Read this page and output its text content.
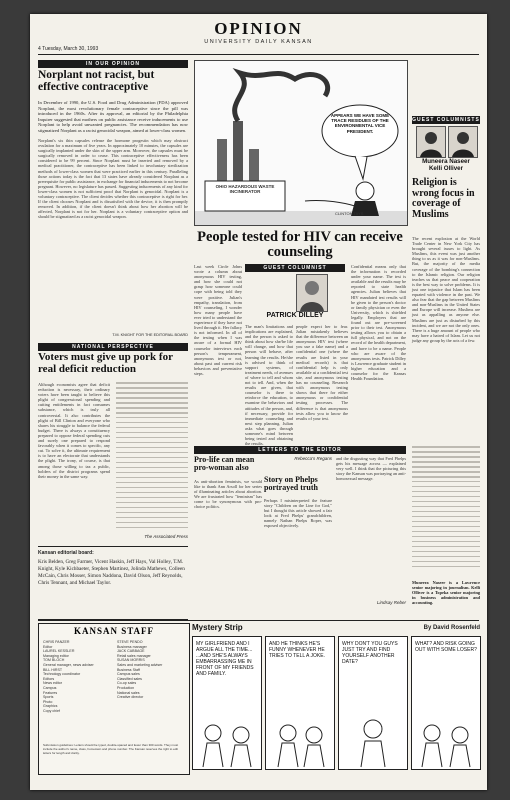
OPINION
UNIVERSITY DAILY KANSAN
4 Tuesday, March 30, 1993
IN OUR OPINION
Norplant not racist, but effective contraceptive
In December of 1990, the U.S. Food and Drug Administration (FDA) approved Norplant, the most revolutionary female contraceptive since the pill was introduced in the 1960s. After its approval, an editorial by the Philadelphia Inquirer suggested that mothers on public assistance receive inducements to use Norplant to help avoid unwanted pregnancies. The recommendation has now stigmatized Norplant as a racist genocidal weapon, aimed at lower-class women.
Norplant's six thin capsules release the hormone progestin which may obstruct ovulation for a maximum of five years. In approximately 10 minutes, the capsules are surgically implanted under the skin of the upper arm. Moreover, the capsules must be surgically removed in order to cease. This contraceptive effectiveness has been considered to be 99 percent. Since Norplant must be inserted and removed by a medical practitioner, the contraceptive has been linked to involuntary sterilization methods of lower-class women that were practiced earlier in this century. Paralleling those actions today is the fact that 13 states have already considered Norplant as a prerequisite for public assistance, in exchange for financial inducements to not become pregnant. However, no legislature has passed. Suggesting inducements of any kind for lower-class women is not sufficient proof that Norplant is genocidal. Norplant is a voluntary contraceptive. The client decides whether this contraceptive is right for her. If the client chooses Norplant and is dissatisfied with the device, it is then promptly removed. In addition, if the client doesn't think about how her abortion will be affected, Norplant is not for her. Norplant is a voluntary contraceptive option and should be stigmatized as a racist genocidal weapon.
T.M. KNIGHT FOR THE EDITORIAL BOARD
NATIONAL PERSPECTIVE
Voters must give up pork for real deficit reduction
Although economists agree that deficit reduction is necessary, their ordinary voters have been taught to believe this plight of congressional spending and cutting entitlements in fact consumes substance, which is truly all controversial. It also contributes the plight of Bill Clinton and everyone who shares his struggle to balance the federal budget. There is always a constituency prepared to oppose federal spending cuts and surely one prepared to respond favorably when it comes to specific, any cut. To solve it, the ultimate requirement is to have an electorate that understands the plight. The irony, of course, is that among those willing to tax a public, holders of the district programs spend their money in the same way.
The Associated Press
Kansan editorial board:
Kris Belden, Greg Farmer, Vicent Haskin, Jeff Hays, Val Holley, T.M. Knight, Kyle Kichbaeter, Stephen Martinez, Jolinda Mathews, Colleen McCain, Chris Mosser, Simon Naddona, David Olson, Jeff Reynolds, Chris Tennant, and Michael Taylor.
KANSAN STAFF
CHRIS PANZER
Editor
LAUREL KESSLER
Managing editor
TOM BLOCH
General manager, news adviser
BILL HIRST
Technology coordinator
Editors
News editor
Campus
Features
Sports
Photo
Graphics
Copy chief
STEVE PENDO
Business manager
JACK CABBAGE
Retail sales manager
SUSAN MORRIS
Sales and marketing adviser
Business Staff
Campus sales
Classified sales
Co-op sales
Production
National sales
Creative director
Submission guidelines: Letters should be typed, double-spaced and fewer than 300 words. They must include the author's name, class, hometown and phone number. The Kansan reserves the right to edit letters for length and clarity.
OHIO HAZARDOUS WASTE INCINERATOR
APPEARS WE HAVE SOME TRACE RESIDUES OF THE ENVIRONMENTAL VICE PRESIDENT.
CLINTON TAYS
People tested for HIV can receive counseling
Last week Circle Johns wrote a column about anonymous HIV testing, and how she could not grasp how someone could cope with being told they were positive. Julian's empathy, translation, from HIV counseling, I wonder how many people have ever tried to understand the experience if they have not lived through it. Her fallacy is not informed. In all of the testing when I was aware of a formal HIV counselor interviews each person's temperament, anonymous test or not, about past and current risk behaviors and preventative steps.
The man's limitations and implications are explained, and the person is asked to think about how she/he life will change, and how that person will behave, after learning the results. He/she is advised to think of support systems, of treatment needs, of avenues of where to tell and whom not to tell. And, when the results are given, that counselor is there to reinforce the education, to examine the behaviors and attitudes of the person, and, if necessary, provide for immediate counseling and next step planning. Julian asks what goes through someone's mind between being tested and obtaining the results.
GUEST COLUMNIST
PATRICK DILLEY
people expect her to fear. Julian mistakenly believes that the difference between an anonymous HIV test (where you use a fake name) and a confidential one (where the results are listed in your medical records) is that confidential help is only available at a confidential test site, and anonymous testing has no counseling. Research with anonymous testing shows that there for either anonymous or confidential testing processes. The difference is that anonymous tests allow you to know the results of your test.
Confidential means only that the information is recorded under your name. The test is available and the results may be reported to state health agencies. Julian believes that HIV mandated test results will be given to the person's doctor or family physician or even the University, which is shielded legally. Employers that are found out are pre-screened prior to their test. Anonymous testing allows you to obtain a full physical, and not on the record of the health department, and have to be a name. People who are aware of the anonymous tests. Patrick Dilley is Lawrence graduate student in higher education and a counselor for the Kansas Health Foundation.
LETTERS TO THE EDITOR
Pro-life can mean pro-woman also
As anti-abortion feminists, we would like to thank Ann Arsoll for her series of illuminating articles about abortion. We are frustrated how "feminism" has come to be synonymous with pro-choice politics.
Rebecca's Regans
Story on Phelps portrayed truth
Perhaps I misinterpreted the feature story "Children on the Line for God," but I thought this article showed a fair look at Fred Phelps' grandchildren, namely Nathan Phelps Roper, was exposed objectively.
and the disgusting way that Fred Phelps gets his message across — explained very well. I think that the picturing this story the Kansan was portraying an anti-homosexual message.
Lindsay Reber
GUEST COLUMNISTS
Muneera Naseer
Kelli Olliver
Religion is wrong focus in coverage of Muslims
The recent explosion at the World Trade Center in New York City has brought several issues to light. As Muslims, this event was just another thing to us as it was for non-Muslims. But, the majority of the media coverage of the bombing's connection to the Islamic religion. Our religion teaches us that peace and cooperation is the best way to solve problems. It is just one injustice that Islam has been equated with violence in the past. We also fear that the gap between Muslims and non-Muslims in the United States and Europe will increase. Muslims are just as appalling as anyone else. Muslims are just as disturbed by this incident, and we are not the only ones. There is a huge amount of people who may have a hatred of Islam. Let us not judge any group by the acts of a few.
Muneera Naseer is a Lawrence senior majoring in journalism. Kelli Olliver is a Topeka senior majoring in business administration and accounting.
Mystery Strip	By David Rosenfeld
MY GIRLFRIEND AND I ARGUE ALL THE TIME... ...AND SHE'S ALWAYS EMBARRASSING ME IN FRONT OF MY FRIENDS AND FAMILY.
AND HE THINKS HE'S FUNNY WHENEVER HE TRIES TO TELL A JOKE.
WHY DON'T YOU GUYS JUST TRY AND FIND YOURSELF ANOTHER DATE?
WHAT? AND RISK GOING OUT WITH SOME LOSER?
